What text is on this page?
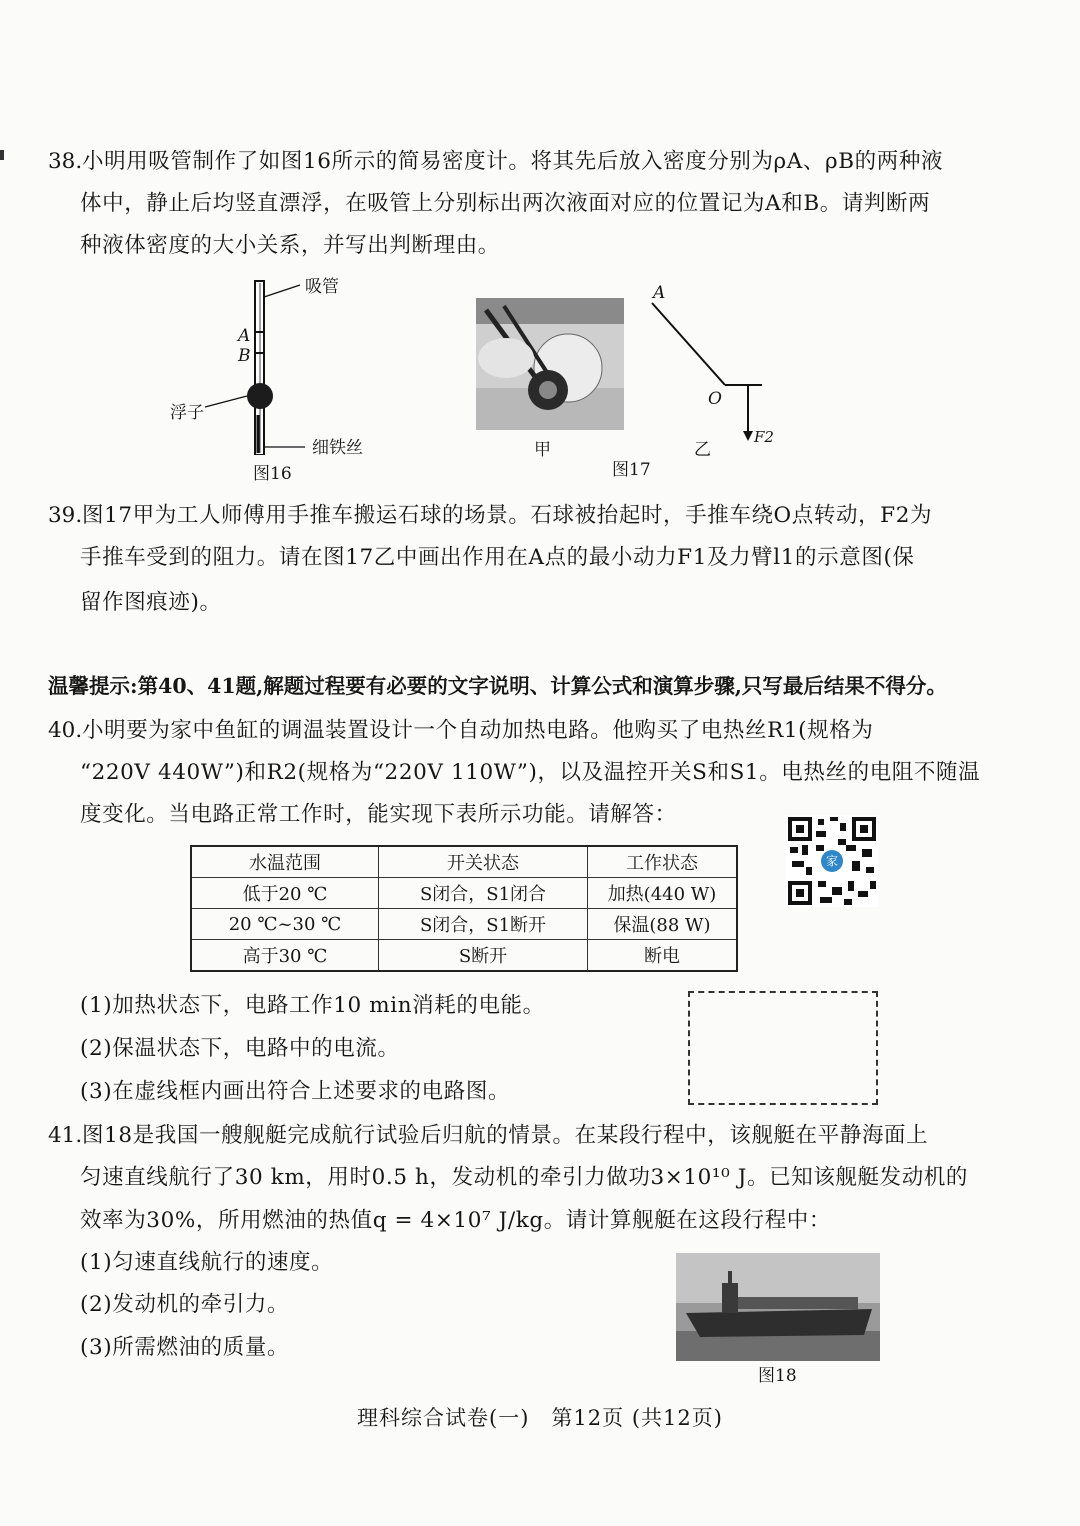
38. 小明用吸管制作了如图16所示的简易密度计。将其先后放入密度分别为ρA、ρB的两种液
体中，静止后均竖直漂浮，在吸管上分别标出两次液面对应的位置记为A和B。请判断两
种液体密度的大小关系，并写出判断理由。
吸管
A
B
浮子
细铁丝
图16
甲
A
O
F2
乙
图17
39. 图17甲为工人师傅用手推车搬运石球的场景。石球被抬起时，手推车绕O点转动，F2为
手推车受到的阻力。请在图17乙中画出作用在A点的最小动力F1及力臂l1的示意图(保
留作图痕迹)。
温馨提示:第40、41题,解题过程要有必要的文字说明、计算公式和演算步骤,只写最后结果不得分。
40. 小明要为家中鱼缸的调温装置设计一个自动加热电路。他购买了电热丝R1(规格为
“220V 440W”)和R2(规格为“220V 110W”)，以及温控开关S和S1。电热丝的电阻不随温
度变化。当电路正常工作时，能实现下表所示功能。请解答：
水温范围	开关状态	工作状态
低于20 ℃	S闭合，S1闭合	加热(440 W)
20 ℃~30 ℃	S闭合，S1断开	保温(88 W)
高于30 ℃	S断开	断电
家
(1)加热状态下，电路工作10 min消耗的电能。
(2)保温状态下，电路中的电流。
(3)在虚线框内画出符合上述要求的电路图。
41. 图18是我国一艘舰艇完成航行试验后归航的情景。在某段行程中，该舰艇在平静海面上
匀速直线航行了30 km，用时0.5 h，发动机的牵引力做功3×10¹⁰ J。已知该舰艇发动机的
效率为30%，所用燃油的热值q = 4×10⁷ J/kg。请计算舰艇在这段行程中：
(1)匀速直线航行的速度。
(2)发动机的牵引力。
(3)所需燃油的质量。
图18
理科综合试卷(一)　第12页 (共12页)
